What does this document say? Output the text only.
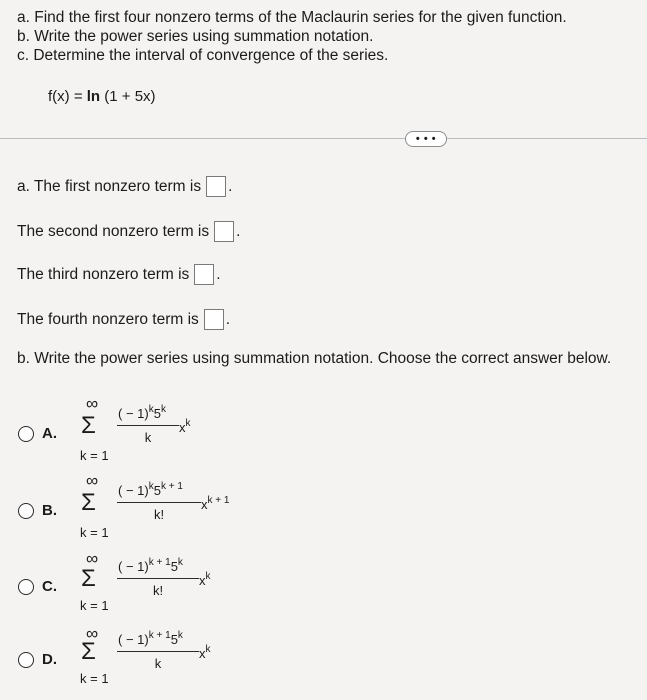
a. Find the first four nonzero terms of the Maclaurin series for the given function.
b. Write the power series using summation notation.
c. Determine the interval of convergence of the series.
f(x) = ln (1 + 5x)
• • •
a. The first nonzero term is .
The second nonzero term is .
The third nonzero term is .
The fourth nonzero term is .
b. Write the power series using summation notation. Choose the correct answer below.
A.
∞
Σ
k = 1
( − $1)^k5^k$
k
$x^k$
B.
∞
Σ
k = 1
( − $1)^k5^{k + 1}$
k!
$x^{k + 1}$
C.
∞
Σ
k = 1
( − $1)^{k + 1}5^k$
k!
$x^k$
D.
∞
Σ
k = 1
( − $1)^{k + 1}5^k$
k
$x^k$
